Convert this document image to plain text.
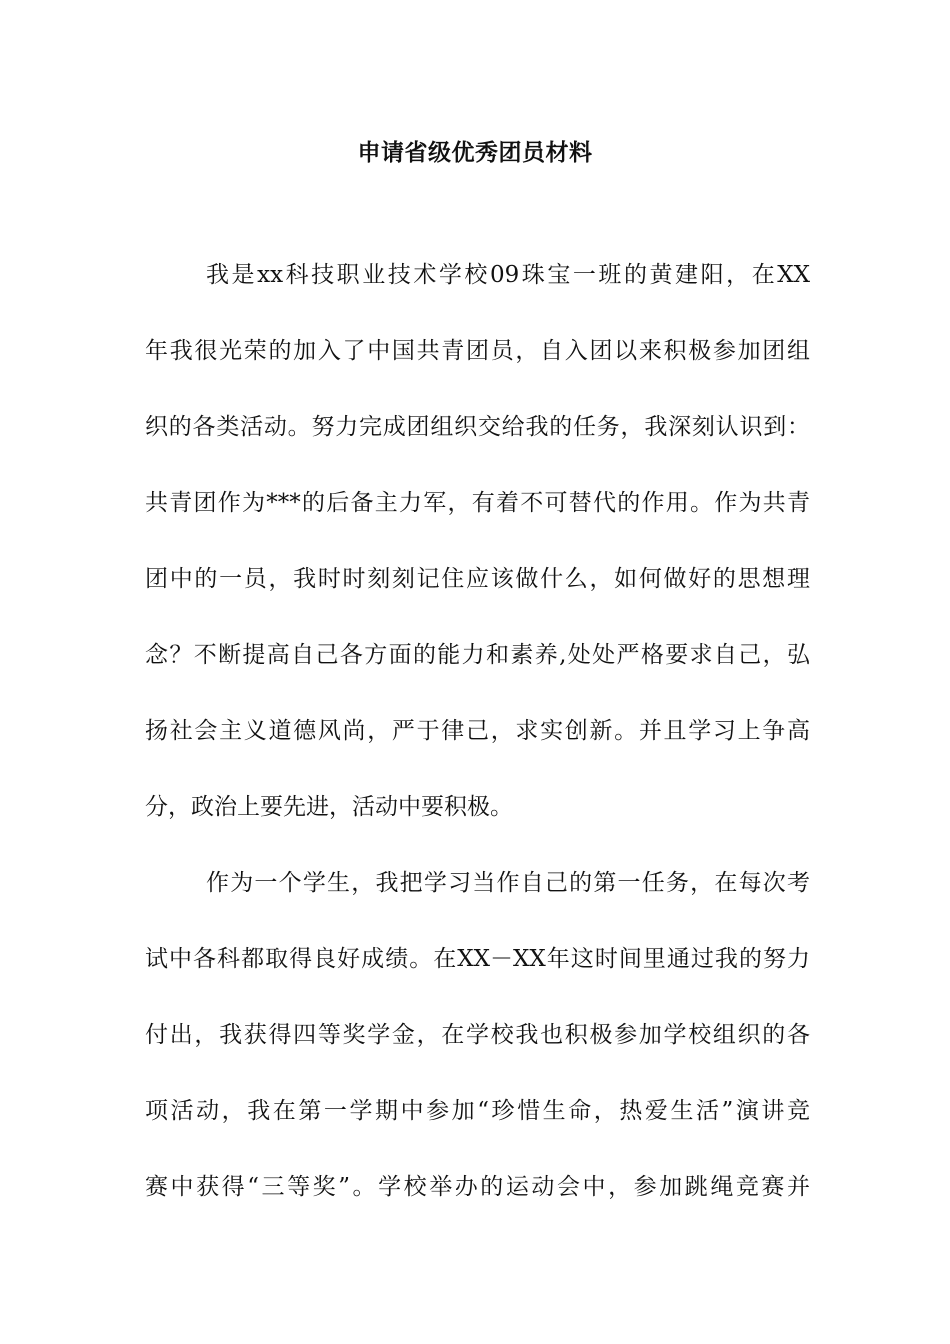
申请省级优秀团员材料
我是xx科技职业技术学校09珠宝一班的黄建阳，在XX
年我很光荣的加入了中国共青团员，自入团以来积极参加团组
织的各类活动。努力完成团组织交给我的任务，我深刻认识到：
共青团作为***的后备主力军，有着不可替代的作用。作为共青
团中的一员，我时时刻刻记住应该做什么，如何做好的思想理
念？不断提高自己各方面的能力和素养,处处严格要求自己，弘
扬社会主义道德风尚，严于律己，求实创新。并且学习上争高
分，政治上要先进，活动中要积极。
作为一个学生，我把学习当作自己的第一任务，在每次考
试中各科都取得良好成绩。在XX－XX年这时间里通过我的努力
付出，我获得四等奖学金，在学校我也积极参加学校组织的各
项活动，我在第一学期中参加“珍惜生命，热爱生活”演讲竞
赛中获得“三等奖”。学校举办的运动会中，参加跳绳竞赛并
